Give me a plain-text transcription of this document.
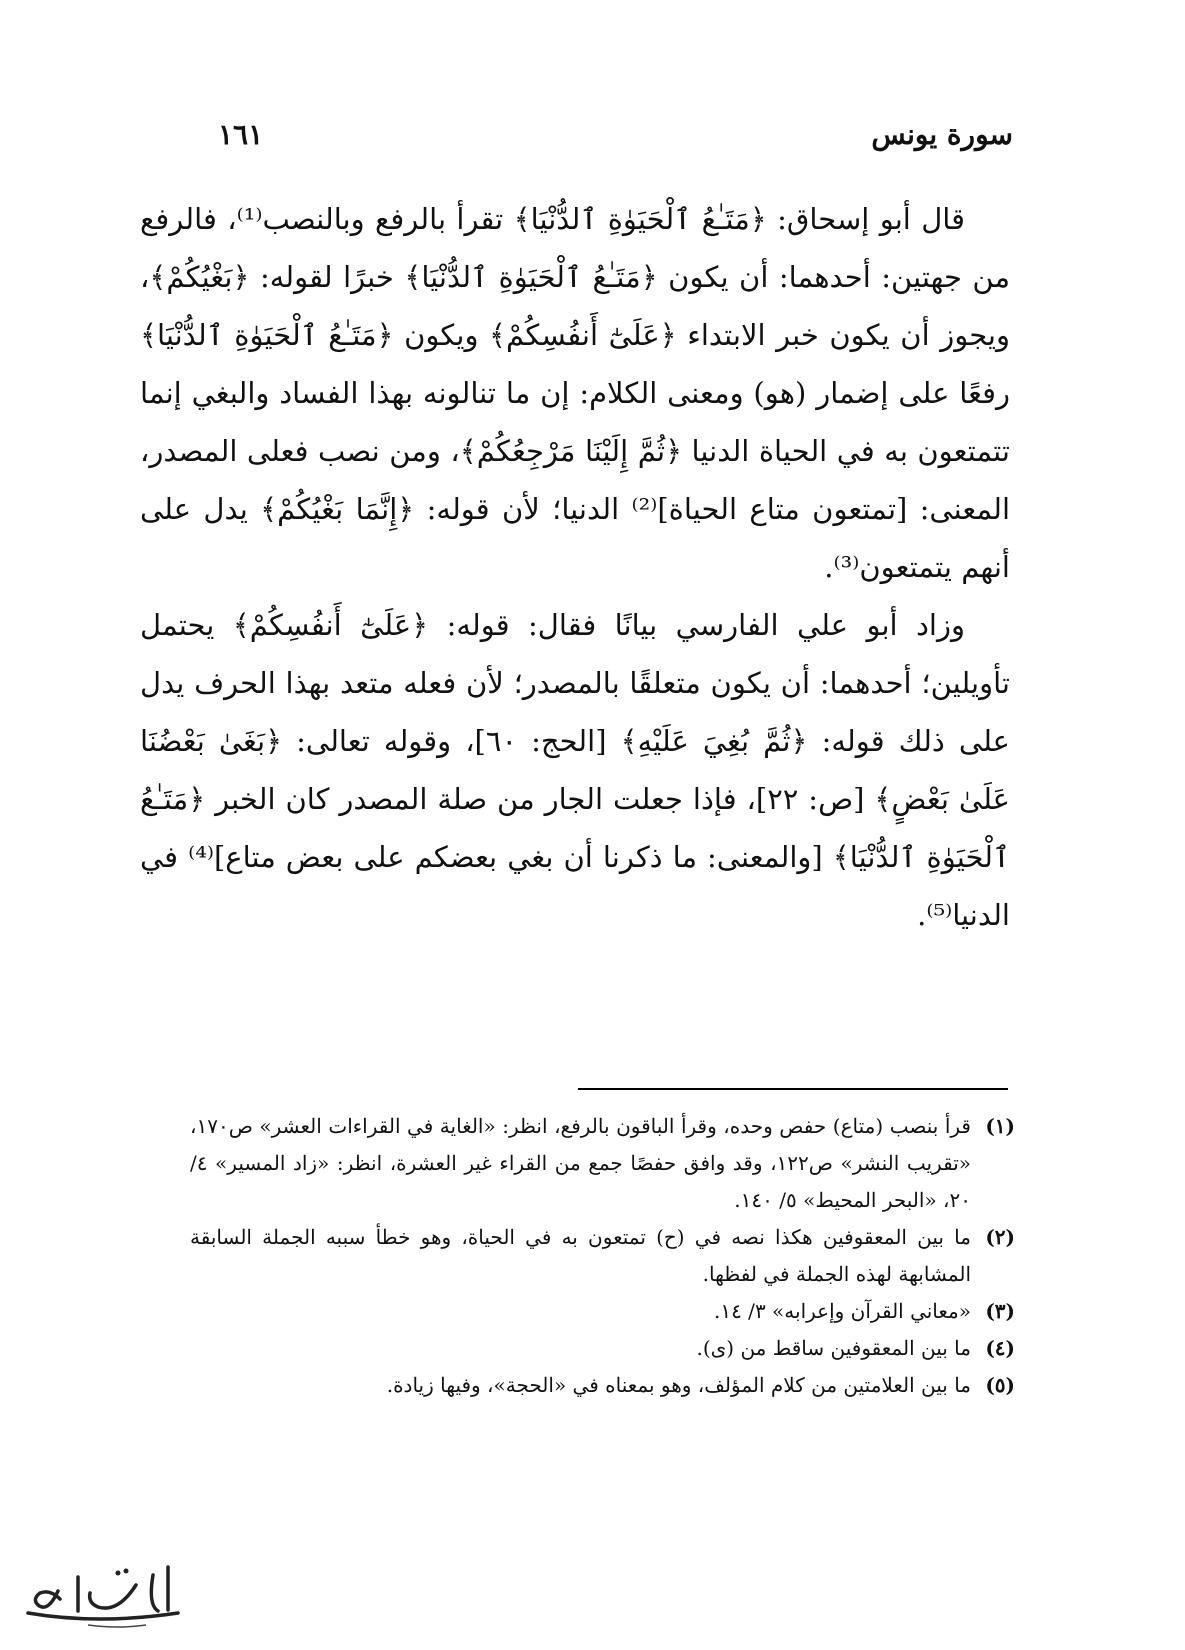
١٦١	سورة يونس

قال أبو إسحاق: ﴿مَتَـٰعُ ٱلْحَيَوٰةِ ٱلدُّنْيَا﴾ تقرأ بالرفع وبالنصب⁽¹⁾، فالرفع من جهتين: أحدهما: أن يكون ﴿مَتَـٰعُ ٱلْحَيَوٰةِ ٱلدُّنْيَا﴾ خبرًا لقوله: ﴿بَغْيُكُمْ﴾، ويجوز أن يكون خبر الابتداء ﴿عَلَىٰٓ أَنفُسِكُمْ﴾ ويكون ﴿مَتَـٰعُ ٱلْحَيَوٰةِ ٱلدُّنْيَا﴾ رفعًا على إضمار (هو) ومعنى الكلام: إن ما تنالونه بهذا الفساد والبغي إنما تتمتعون به في الحياة الدنيا ﴿ثُمَّ إِلَيْنَا مَرْجِعُكُمْ﴾، ومن نصب فعلى المصدر، المعنى: [تمتعون متاع الحياة]⁽²⁾ الدنيا؛ لأن قوله: ﴿إِنَّمَا بَغْيُكُمْ﴾ يدل على أنهم يتمتعون⁽³⁾.

وزاد أبو علي الفارسي بيانًا فقال: قوله: ﴿عَلَىٰٓ أَنفُسِكُمْ﴾ يحتمل تأويلين؛ أحدهما: أن يكون متعلقًا بالمصدر؛ لأن فعله متعد بهذا الحرف يدل على ذلك قوله: ﴿ثُمَّ بُغِيَ عَلَيْهِ﴾ [الحج: ٦٠]، وقوله تعالى: ﴿بَغَىٰ بَعْضُنَا عَلَىٰ بَعْضٍ﴾ [ص: ٢٢]، فإذا جعلت الجار من صلة المصدر كان الخبر ﴿مَتَـٰعُ ٱلْحَيَوٰةِ ٱلدُّنْيَا﴾ [والمعنى: ما ذكرنا أن بغي بعضكم على بعض متاع]⁽⁴⁾ في الدنيا⁽⁵⁾.

(١)
قرأ بنصب (متاع) حفص وحده، وقرأ الباقون بالرفع، انظر: «الغاية في القراءات العشر» ص١٧٠، «تقريب النشر» ص١٢٢، وقد وافق حفصًا جمع من القراء غير العشرة، انظر: «زاد المسير» ٤/ ٢٠، «البحر المحيط» ٥/ ١٤٠.
(٢)
ما بين المعقوفين هكذا نصه في (ح) تمتعون به في الحياة، وهو خطأ سببه الجملة السابقة المشابهة لهذه الجملة في لفظها.
(٣)
«معاني القرآن وإعرابه» ٣/ ١٤.
(٤)
ما بين المعقوفين ساقط من (ى).
(٥)
ما بين العلامتين من كلام المؤلف، وهو بمعناه في «الحجة»، وفيها زيادة.
